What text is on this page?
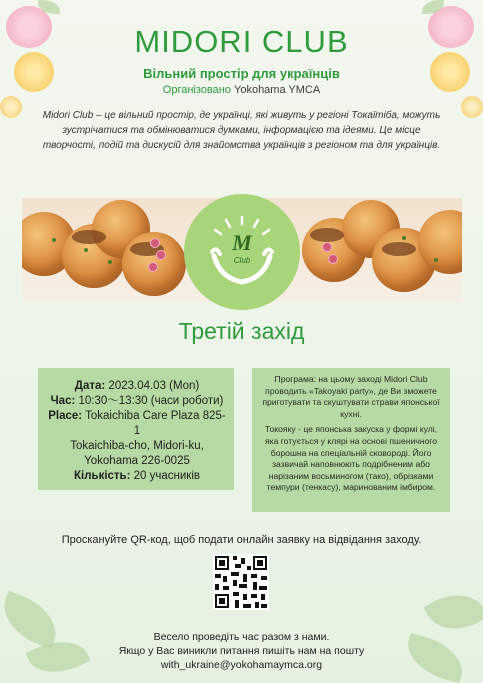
MIDORI CLUB
Вільний простір для українців
Організовано Yokohama YMCA
Midori Club – це вільний простір, де українці, які живуть у регіоні Токаїтіба, можуть зустрічатися та обмінюватися думками, інформацією та ідеями. Це місце творчості, подій та дискусій для знайомства українців з регіоном та для українців.
M
Club
Третій захід
Дата: 2023.04.03 (Mon)
Час: 10:30〜13:30 (часи роботи)
Place: Tokaichiba Care Plaza 825-1
Tokaichiba-cho, Midori-ku,
Yokohama 226-0025
Кількість: 20 учасників
Програма: на цьому заході Midori Club проводить «Takoyaki party», де Ви зможете приготувати та скуштувати страви японської кухні.
Токояку - це японська закуска у формі кулі, яка готується у клярі на основі пшеничного борошна на спеціальній сковороді. Його зазвичай наповнюють подрібненим або нарізаним восьминогом (тако), обрізками темпури (тенкасу), маринованим імбиром.
Проскануйте QR-код, щоб подати онлайн заявку на відвідання заходу.
Весело проведіть час разом з нами.
Якщо у Вас виникли питання пишіть нам на пошту
with_ukraine@yokohamaymca.org
